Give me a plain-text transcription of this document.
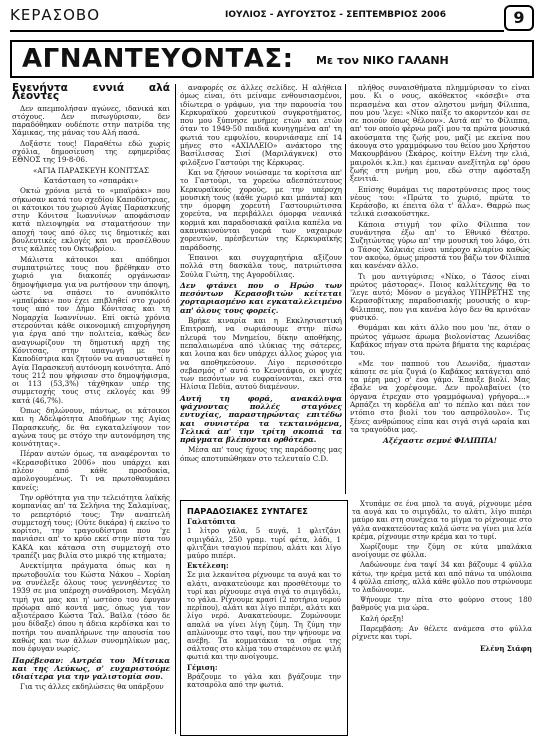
ΚΕΡΑΣΟΒΟ	ΙΟΥΛΙΟΣ - ΑΥΓΟΥΣΤΟΣ - ΣΕΠΤΕΜΒΡΙΟΣ 2006	9
ΑΓΝΑΝΤΕΥΟΝΤΑΣ: Με τον ΝΙΚΟ ΓΑΛΑΝΗ
Ενενήντα εννιά αλά Λέοντες

Δεν απεμπολήσαν αγώνες, ιδανικά και στόχους. Δεν πισωγύρισαν, δεν παραδόθηκαν ουδέποτε στην πατρίδα της Χάμικας, της μάνας του Αλή πασά.

Δοξάστε τους! Παραθέτω εδώ χωρίς σχόλια, δημοσίευση της εφημερίδας ΕΘΝΟΣ της 19-8-06.

«ΑΓΙΑ ΠΑΡΑΣΚΕΥΗ ΚΟΝΙΤΣΑΣ

Κατάσταση το «σπαράκι»

Οκτώ χρόνια μετά το «μπαϊράκι» που σήκωσαν κατά του σχεδίου Καποδίστριας, οι κάτοικοι του χωριού Αγίας Παρασκευής στην Κόνιτσα Ιωαννίνων αποφάσισαν κατά πλειοψηφία να σταματήσουν την αποχή τους από όλες τις δημοτικές και βουλευτικές εκλογές και να προσέλθουν στις κάλπες του Οκτωβρίου.

Μάλιστα κάτοικοι και απόδημοι συμπατριώτες τους που βρέθηκαν στο χωριό για διακοπές οργάνωσαν δημοψήφισμα για να ρωτήσουν την άποψη, ώστε να σπάσει το ανυπόκλιτο «μπαϊράκι» που έχει επιβληθεί στο χωριό τους από τον Δήμο Κόνιτσας και τη Νομαρχία Ιωαννίνων. Επί οκτώ χρόνια στερούνται κάθε οικονομική επιχορήγηση για έργα από την πολιτεία, καθώς δεν αναγνωρίζουν τη δημοτική αρχή της Κόνιτσας, στην υπαγωγή με τον Καποδίστρια και ζητούν να ανασυσταθεί η Αγία Παρασκευή αυτόνομη κοινότητα. Από τους 212 που ψήφισαν στο δημοψήφισμα, οι 113 (53,3%) τάχθηκαν υπέρ της συμμετοχής τους στις εκλογές και 99 κατά (46,7%).

Όπως δηλώνουν, πάντως, οι κάτοικοι και η Αδελφότητα Αποδήμων της Αγίας Παρασκευής, δε θα εγκαταλείψουν τον αγώνα τους με στόχο την αυτονόμηση της κοινότητας».

Πέραν αυτών όμως, τα αναφέρονται το «Κερασοβίτικο 2006» που υπάρχει και πλέον από κάθε προσδοκία, αμολογουμένως. Τι να πρωτοθαυμάσει κανείς;

Την ορθότητα για την τελειότητα λαϊκής κομπανίας απ' τα Σελήνια της Σαλαμίνας, το ρεπερτόριό τους; Την αναπτελή συμμετοχή τους; (Ούτε δικάρα) ή εκείνο το κορίτσι, την τραγουδίστρια που 'χε πανιάσει απ' το κρύο εκεί στην πίστα του ΚΑΚΑ και κάτασα στη συμμετοχή στο τραπέζι μας βιλία στο μικρό της κτήματα;

Ανεκτίμητα πράγματα όπως και η πρωτοβουλία του Κώστα Νάκου – Χορίαη να συνέλεξε όλους τους γεννηθέντες το 1939 σε μια υπέροχη συνάθροιση. Μεγάλη τιμή για μας και η' ωστόσο του έφυγαν πρόωρα από κοντά μας, όπως για τον αξιοτέρασο Κώστα Ταλ. Βαϊλα (τόσο δε μου δίδαξε) όπου η άδεια κερδίσκα και το ποτήρι του αναπλήρωνε την απουσία του καθώς και των άλλων συνομηλίκων μας, που έφυγαν νωρίς.

Παρέβεσαν: Αντρέα του Μίτσικα και της Λεύκως, σ' ευχαριστούμε ιδιαίτερα για την γαλιστομία σου.

Για τις άλλες εκδηλώσεις θα υπάρξουν

αναφορές σε άλλες σελίδες. Η αλήθεια όμως είναι, ότι μείναμε ενθουσιασμένοι, ιδίωτερα ο γράφων, για την παρουσία του Κερκυραϊκού χορευτικού συγκροτήματος, που μου ξύπνησε μνήμες ετών και ετών όταν το 1949-50 παιδιά κυνηγημένα απ' τη φωτιά του εμφυλίου, κουρνιάσαμε επί 14 μήνες στο «ΑΧΙΛΛΕΙΟ» ανάκτορο της Βασίλισσας Σισί (Μαριλάγκνεκ) στο φιλόξενο Γαστούρι της Κέρκυρας.

Και να ζήσουν νοιώσαμε τα κορίτσια απ' το Γαστούρι, τα χορεύω αδεσπότευτους Κερκυραϊκούς χορούς, με την υπέροχη μουσική τους (κάθε χωριό και μπάντα) και την όμορφη χορευτή Γαστουριώτισσα χορεύτα, να περιβάλλει όμορφα νεανικά κορμιά και παραδοσιακά φαίλια καπέλα να ακανακινούνται γοερά των ναχαιρων χορευτών, πρέσβευτών της Κερκυραϊκής παράδοσης.

Έπαινοι και συγχαρητήρια αξίζουν πολλά στη δασκάλα τους, πατριώτισσα Σούλα Γιώτη, της Αγοροδίλιας.

Δεν φτάνει που ο Ηρώο των πεσόντων Κερασοβιτών κείτεται χορταριασμένο και εγκαταλελειμένο απ' όλους τους φορείς.

Βρήκε κιναρία και η Εκκλησιαστική Επιτροπή, να σωριάσουμε στην πίσω πλευρά του Μνημείου, δίκην αποθήκης, πεπαλαιωμένα από ιλύκιας της σάτερες, και λοιπα και δεν υπάρχει άλλος χώρος για να αποθηκεύσουν. Λίγο περισσότερο σεβασμός σ' αυτό το Κενοτάφιο, οι ψυχές των πεσόντων να ευφραίνονται, εκεί στα Ηλίσια Πεδία, αυτού διαμένουν.

Αυτή τη φορά, ανακάλυψα ψάχνοντας πολλές σταγόνες ευτυχίας, παραστηρώντας επιτέδω και συνιστέρα τα τεκταινόμενα, Τελικά απ' την τρίτη σκοπιά τα πράγματα βλέπονται ορθότερα.

Μέσα απ' τους ήχους της παράδοσης μας όπως αποτυπώθηκαν στο τελευταίο C.D.

πλήθος συναισθήματα πλημμύρισαν το είναι μου. Κι ο νους, ακόθεκτος «κόσεβι» στα περασμένα και στον αληστου μνήμη Φίλιππα, που μου 'λεγε: «Νίκο παίξε το ακορντεόν και σε σε ποιούν όπως θέλουν». Αυτά απ' το Φίλιππα, απ' τον οποίο φέρνω μαζί μου τα πρώτα μουσικά ακούσματα της ζωής μου, μαζί με εκείνα που άκουγα στο γραμμόφωνο του θείου μου Χρήστου Μακουρβάνου (Σκάρος, κοίτην Ελένη την ελιά, μαιρολόι κ.λπ.) και έμειναν ανεξίτηλα εφ' όρου ζωής στη μνήμη μου, εδώ στην αφόσταξη ξενιτιά.

Επίσης θυμάμαι τις παροτρύνσεις προς τους νέους του: «Πρώτα το χωριό, πρώτα το Κεράσοβο, κι έπειτα όλα τ' άλλα». Θαρρώ πως τελικά εισακούστηκε.

Κάποια στιγμή τον φίλο Φίλιππα τον συνάντησα έξω απ' το Εθνικό Θέατρο. Συζητώντας γύρω απ' την μουσική του λόφο, ότι ο Τάσος Χαλκιάς είναι υπέροχο κλαρίνο καθώς τον ακούω, όμως μπροστά του βάζω τον Φίλιππα και κανέναν άλλο.

Τι μου αντιγύρισε; «Νίκο, ο Τάσος είναι πρώτος μάστορας». Ποιος καλλίτεχνης θα το 'λεγε αυτό; Μόνον ο μεγάλος ΥΠΗΡΕΤΗΣ της Κερασοβίτικης παραδοσιακής μουσικής ο κυρ-Φίλιππας, που για κανένα λόγο δεν θα κρινόταν φυσικό.

Θυμάμαι και κάτι άλλο που μου 'πε, όταν ο πρώτος γάμωσε άρωμα βιολονίστας Λεωνίδας Καβάκος πήγαν στα πρώτα βήματα της καριέρας του.

«Με τον παππού του Λεωνίδα, ήμασταν κάποτε σε μία ζυγιά (ο Καβάκος κατάγεται από τα μέρη μας) σ' ένα γάμο. Έπαιξε βιολί. Μας έβαλε να χορέψουμε. Δεν προλαβαίνει (το όργανα έτρεχαν στο γραμμόφωνα) γρήγορα...» Αρπάζει τη κορδέλα απ' το πέπλο και πάει τον ντόπιο στο βιολί του του ασπρόλουλο». Τις ξένες ανθρώπους είπα και σιγά σιγά ωραία και τα τραγούδια μας.

Αξέχαστε σεμνέ ΦΙΛΙΠΠΑ!

ΠΑΡΑΔΟΣΙΑΚΕΣ ΣΥΝΤΑΓΕΣ
Γαλατόπιτα

1 λίτρο γάλα, 5 αυγά, 1 φλιτζάνι σιμιγδάλι, 250 γραμ. τυρί φέτα, λάδι, 1 φλιτζάνι τσαγιού περίπου, αλάτι και λίγο μαύρο πιπέρι.

Εκτέλεση:

Σε μια λεκανίτσα ρίχνουμε τα αυγά και το αλάτι, ανακατεύουμε και προσθέτουμε το τυρί και ρίχνουμε σιγά σιγά το σιμιγδάλι, το γάλα. Ρίχνουμε κρασί (2 ποτήρια νερού περίπου), αλάτι και λίγο πιπέρι, αλάτι και λίγο νερό. Ανακατεύουμε. Ζυμώνουμε απαλά να γίνει λίγη ζύμη. Τη ζύμη την απλώνουμε στο ταψί, που την ψήνουμε να ανέβη. Τα κομματάκια τα σήμα της σάλτσας στο κλίμα του σταρένιου σε ψιλή φωτιά και την ανοίγουμε.

Γέμιση:

Βράζουμε το γάλα και βγάζουμε την κατσαρόλα από την φωτιά.

Χτυπάμε σε ένα μπολ τα αυγά, ρίχνουμε μέσα τα αυγά και το σιμιγδάλι, το αλάτι, λίγο πιπέρι μαύρο και στη συνέχεια το μίγμα το ρίχνουμε στο γάλα ανακατεύοντας καλά ώστε να γίνει μια λεία κρέμα, ρίχνουμε στην κρέμα και το τυρί.

Χωρίζουμε την ζύμη σε κύτα μπαλάκια ανοίγουμε σε φύλλα.

Λαδώνουμε ένα ταψί 34 και βάζουμε 4 φύλλα κάτω, την κρέμα μετά και από πάνω τα υπόλοιπα 4 φύλλα επίσης, αλλά κάθε φύλλο που στρώνουμε το λαδώνουμε.

Ψήνουμε την πίτα στο φούρνο στους 180 βαθμούς για μια ώρα.

Καλή όρεξη!

Παρεμβάση: Αν θέλετε ανάμεσα στο φύλλα ρίχνετε και τυρί.

Ελένη Σιάφη
